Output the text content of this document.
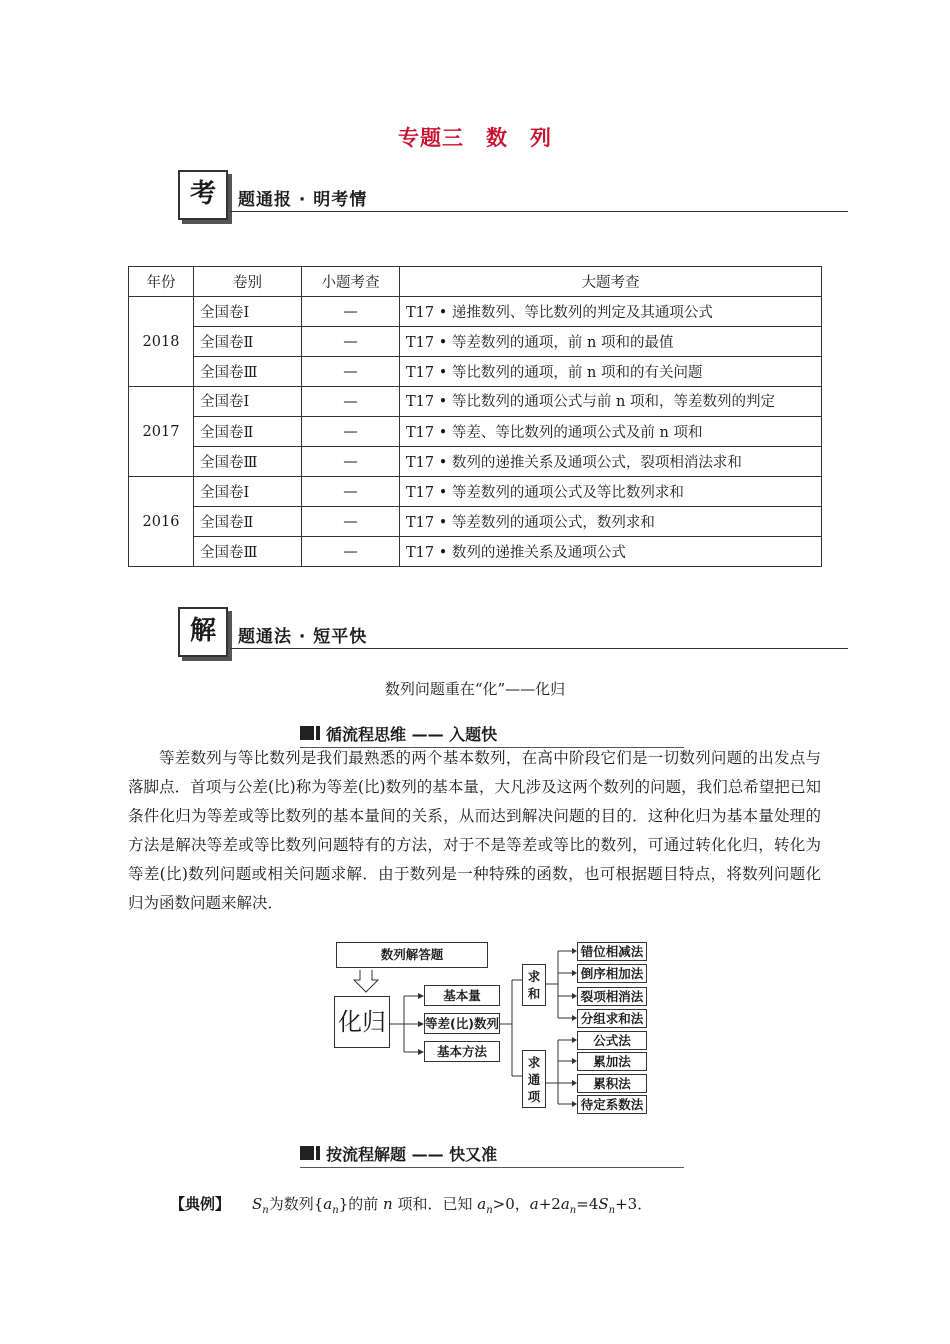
专题三　数　列
考	题通报 · 明考情
年份	卷别	小题考查	大题考查
2018	全国卷Ⅰ	—	T17 • 递推数列、等比数列的判定及其通项公式
	全国卷Ⅱ	—	T17 • 等差数列的通项，前 n 项和的最值
	全国卷Ⅲ	—	T17 • 等比数列的通项，前 n 项和的有关问题
2017	全国卷Ⅰ	—	T17 • 等比数列的通项公式与前 n 项和，等差数列的判定
	全国卷Ⅱ	—	T17 • 等差、等比数列的通项公式及前 n 项和
	全国卷Ⅲ	—	T17 • 数列的递推关系及通项公式，裂项相消法求和
2016	全国卷Ⅰ	—	T17 • 等差数列的通项公式及等比数列求和
	全国卷Ⅱ	—	T17 • 等差数列的通项公式，数列求和
	全国卷Ⅲ	—	T17 • 数列的递推关系及通项公式
解	题通法 · 短平快
数列问题重在“化”——化归
循流程思维 —— 入题快
等差数列与等比数列是我们最熟悉的两个基本数列，在高中阶段它们是一切数列问题的出发点与落脚点．首项与公差(比)称为等差(比)数列的基本量，大凡涉及这两个数列的问题，我们总希望把已知条件化归为等差或等比数列的基本量间的关系，从而达到解决问题的目的．这种化归为基本量处理的方法是解决等差或等比数列问题特有的方法，对于不是等差或等比的数列，可通过转化化归，转化为等差(比)数列问题或相关问题求解．由于数列是一种特殊的函数，也可根据题目特点，将数列问题化归为函数问题来解决．
数列解答题
化归
基本量
等差(比)数列
基本方法
求和
求通项
错位相减法
倒序相加法
裂项相消法
分组求和法
公式法
累加法
累积法
待定系数法
按流程解题 —— 快又准
【典例】 $S_n$为数列$\{a_n\}$的前 n 项和．已知 $a_n>0$，$a+2a_n=4S_n+3$．
